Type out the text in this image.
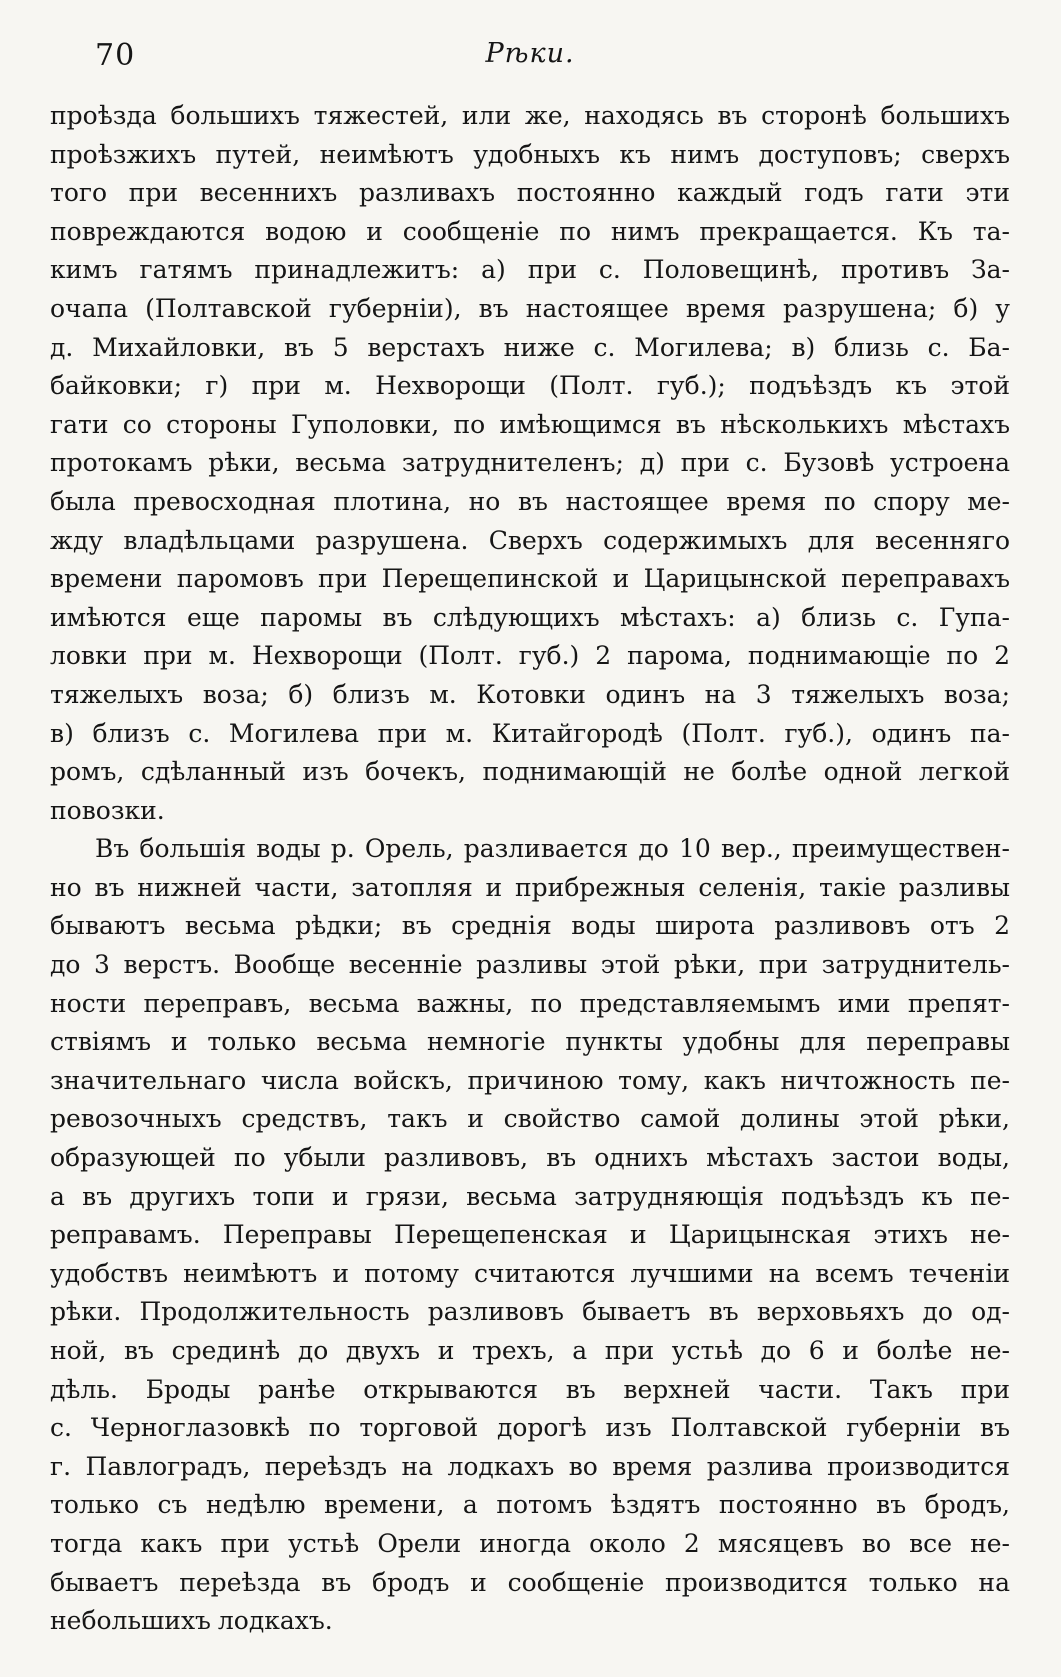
70	Рѣки.
проѣзда большихъ тяжестей, или же, находясь въ сторонѣ большихъ
проѣзжихъ путей, неимѣютъ удобныхъ къ нимъ доступовъ; сверхъ
того при весеннихъ разливахъ постоянно каждый годъ гати эти
повреждаются водою и сообщеніе по нимъ прекращается. Къ та-
кимъ гатямъ принадлежитъ: а) при с. Половещинѣ, противъ За-
очапа (Полтавской губерніи), въ настоящее время разрушена; б) у
д. Михайловки, въ 5 верстахъ ниже с. Могилева; в) близь с. Ба-
байковки; г) при м. Нехворощи (Полт. губ.); подъѣздъ къ этой
гати со стороны Гуполовки, по имѣющимся въ нѣсколькихъ мѣстахъ
протокамъ рѣки, весьма затруднителенъ; д) при с. Бузовѣ устроена
была превосходная плотина, но въ настоящее время по спору ме-
жду владѣльцами разрушена. Сверхъ содержимыхъ для весенняго
времени паромовъ при Перещепинской и Царицынской переправахъ
имѣются еще паромы въ слѣдующихъ мѣстахъ: а) близь с. Гупа-
ловки при м. Нехворощи (Полт. губ.) 2 парома, поднимающіе по 2
тяжелыхъ воза; б) близъ м. Котовки одинъ на 3 тяжелыхъ воза;
в) близъ с. Могилева при м. Китайгородѣ (Полт. губ.), одинъ па-
ромъ, сдѣланный изъ бочекъ, поднимающій не болѣе одной легкой
повозки.
Въ большія воды р. Орель, разливается до 10 вер., преимуществен-
но въ нижней части, затопляя и прибрежныя селенія, такіе разливы
бываютъ весьма рѣдки; въ среднія воды широта разливовъ отъ 2
до 3 верстъ. Вообще весенніе разливы этой рѣки, при затруднитель-
ности переправъ, весьма важны, по представляемымъ ими препят-
ствіямъ и только весьма немногіе пункты удобны для переправы
значительнаго числа войскъ, причиною тому, какъ ничтожность пе-
ревозочныхъ средствъ, такъ и свойство самой долины этой рѣки,
образующей по убыли разливовъ, въ однихъ мѣстахъ застои воды,
а въ другихъ топи и грязи, весьма затрудняющія подъѣздъ къ пе-
реправамъ. Переправы Перещепенская и Царицынская этихъ не-
удобствъ неимѣютъ и потому считаются лучшими на всемъ теченіи
рѣки. Продолжительность разливовъ бываетъ въ верховьяхъ до од-
ной, въ срединѣ до двухъ и трехъ, а при устьѣ до 6 и болѣе не-
дѣль. Броды ранѣе открываются въ верхней части. Такъ при
с. Черноглазовкѣ по торговой дорогѣ изъ Полтавской губерніи въ
г. Павлоградъ, переѣздъ на лодкахъ во время разлива производится
только съ недѣлю времени, а потомъ ѣздятъ постоянно въ бродъ,
тогда какъ при устьѣ Орели иногда около 2 мясяцевъ во все не-
бываетъ переѣзда въ бродъ и сообщеніе производится только на
небольшихъ лодкахъ.
